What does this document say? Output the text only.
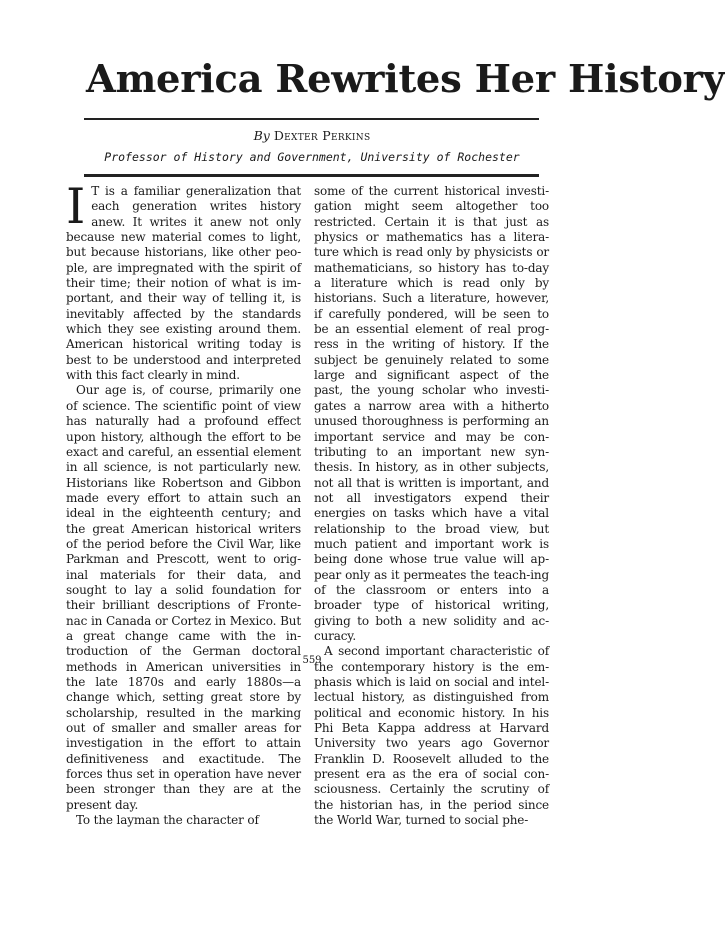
America Rewrites Her History
By Dexter Perkins
Professor of History and Government, University of Rochester

I T is a familiar generalization that each generation writes history anew. It writes it anew not only because new material comes to light, but because historians, like other peo-ple, are impregnated with the spirit of their time; their notion of what is im-portant, and their way of telling it, is inevitably affected by the standards which they see existing around them. American historical writing today is best to be understood and interpreted with this fact clearly in mind.

Our age is, of course, primarily one of science. The scientific point of view has naturally had a profound effect upon history, although the effort to be exact and careful, an essential element in all science, is not particularly new. Historians like Robertson and Gibbon made every effort to attain such an ideal in the eighteenth century; and the great American historical writers of the period before the Civil War, like Parkman and Prescott, went to orig-inal materials for their data, and sought to lay a solid foundation for their brilliant descriptions of Fronte-nac in Canada or Cortez in Mexico. But a great change came with the in-troduction of the German doctoral methods in American universities in the late 1870s and early 1880s—a change which, setting great store by scholarship, resulted in the marking out of smaller and smaller areas for investigation in the effort to attain definitiveness and exactitude. The forces thus set in operation have never been stronger than they are at the present day.

To the layman the character of

some of the current historical investi-gation might seem altogether too restricted. Certain it is that just as physics or mathematics has a litera-ture which is read only by physicists or mathematicians, so history has to-day a literature which is read only by historians. Such a literature, however, if carefully pondered, will be seen to be an essential element of real prog-ress in the writing of history. If the subject be genuinely related to some large and significant aspect of the past, the young scholar who investi-gates a narrow area with a hitherto unused thoroughness is performing an important service and may be con-tributing to an important new syn-thesis. In history, as in other subjects, not all that is written is important, and not all investigators expend their energies on tasks which have a vital relationship to the broad view, but much patient and important work is being done whose true value will ap-pear only as it permeates the teach-ing of the classroom or enters into a broader type of historical writing, giving to both a new solidity and ac-curacy.

A second important characteristic of the contemporary history is the em-phasis which is laid on social and intel-lectual history, as distinguished from political and economic history. In his Phi Beta Kappa address at Harvard University two years ago Governor Franklin D. Roosevelt alluded to the present era as the era of social con-sciousness. Certainly the scrutiny of the historian has, in the period since the World War, turned to social phe-

559
